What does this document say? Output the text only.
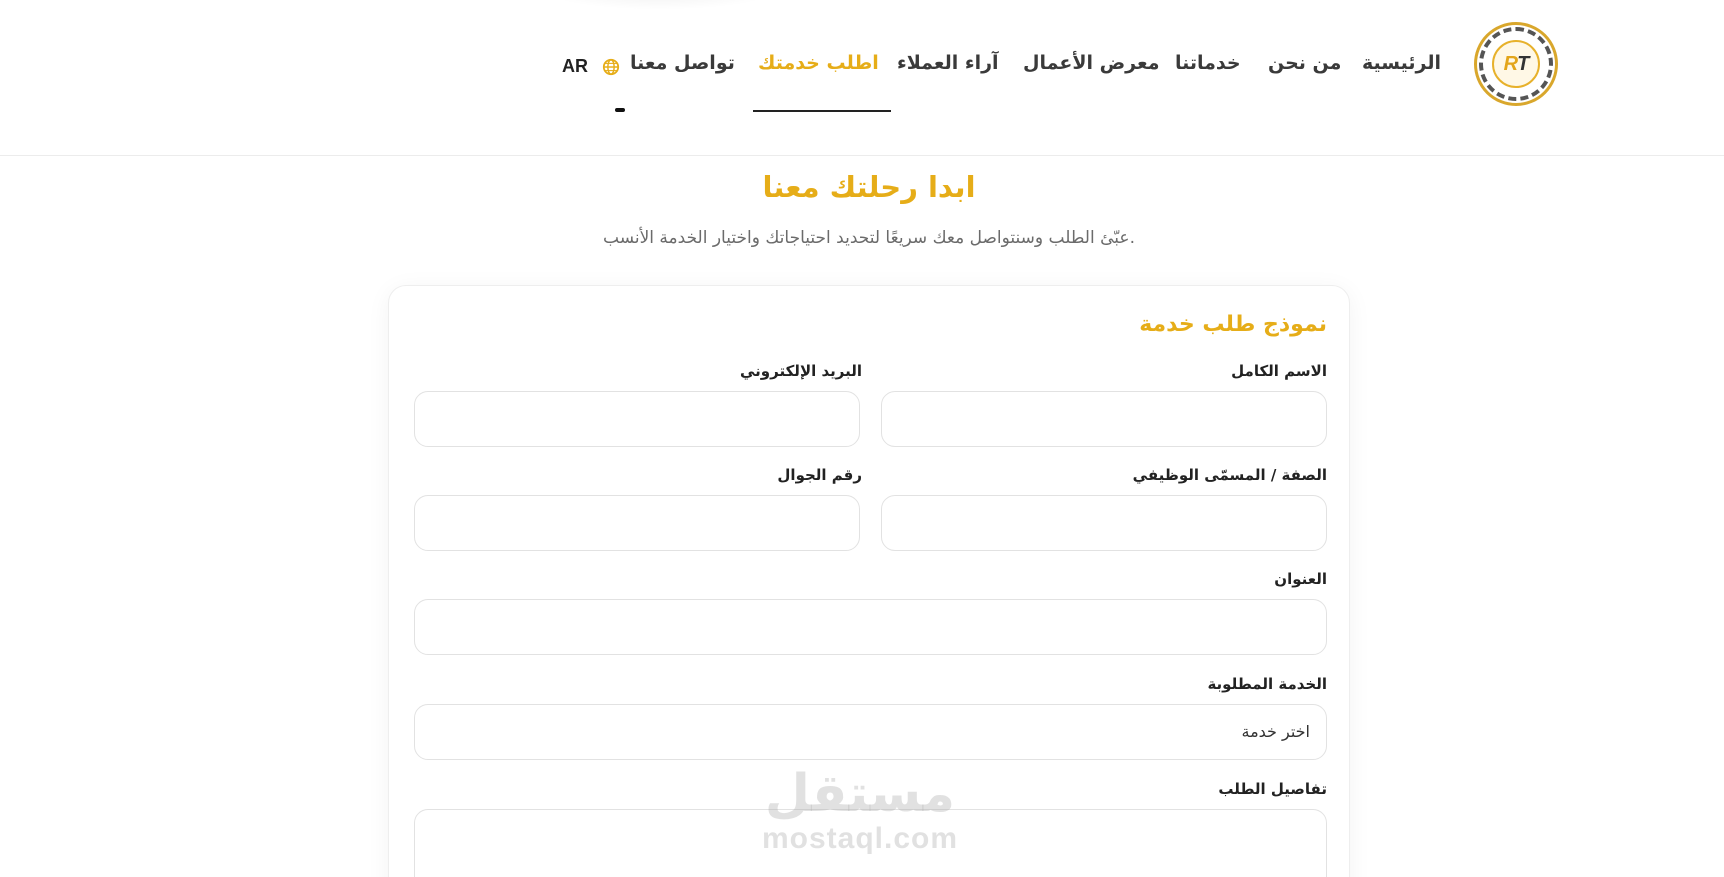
R T
الرئيسية
من نحن
خدماتنا
معرض الأعمال
آراء العملاء
اطلب خدمتك
تواصل معنا
AR
ابدا رحلتك معنا

عبّئ الطلب وسنتواصل معك سريعًا لتحديد احتياجاتك واختيار الخدمة الأنسب.

نموذج طلب خدمة
الاسم الكامل
البريد الإلكتروني
الصفة / المسمّى الوظيفي
رقم الجوال
العنوان
الخدمة المطلوبة
اختر خدمة
تفاصيل الطلب
مستقل
mostaql.com
